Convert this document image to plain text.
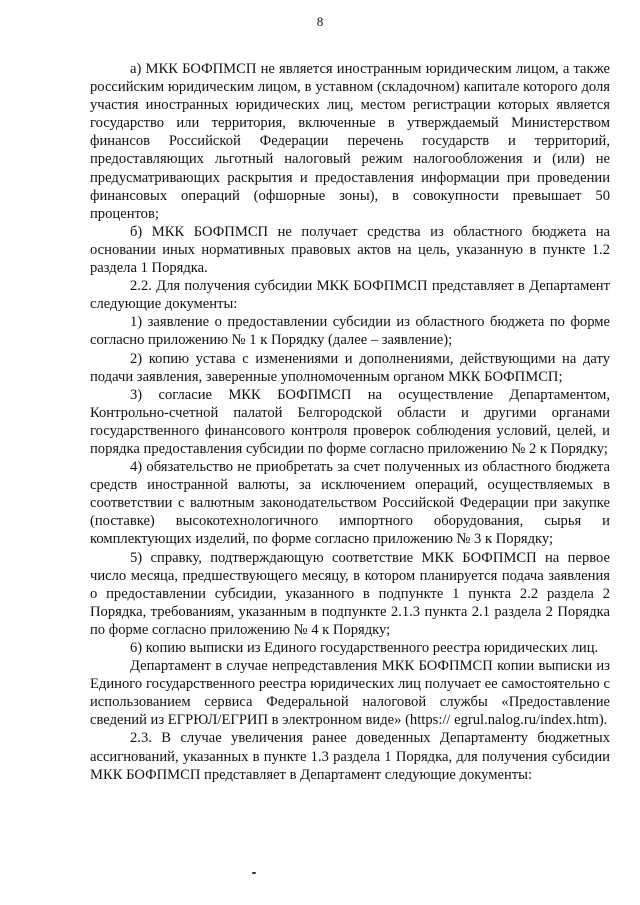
8

а) МКК БОФПМСП не является иностранным юридическим лицом, а также российским юридическим лицом, в уставном (складочном) капитале которого доля участия иностранных юридических лиц, местом регистрации которых является государство или территория, включенные в утверждаемый Министерством финансов Российской Федерации перечень государств и территорий, предоставляющих льготный налоговый режим налогообложения и (или) не предусматривающих раскрытия и предоставления информации при проведении финансовых операций (офшорные зоны), в совокупности превышает 50 процентов;

б) МКК БОФПМСП не получает средства из областного бюджета на основании иных нормативных правовых актов на цель, указанную в пункте 1.2 раздела 1 Порядка.

2.2. Для получения субсидии МКК БОФПМСП представляет в Департамент следующие документы:

1) заявление о предоставлении субсидии из областного бюджета по форме согласно приложению № 1 к Порядку (далее – заявление);

2) копию устава с изменениями и дополнениями, действующими на дату подачи заявления, заверенные уполномоченным органом МКК БОФПМСП;

3) согласие МКК БОФПМСП на осуществление Департаментом, Контрольно-счетной палатой Белгородской области и другими органами государственного финансового контроля проверок соблюдения условий, целей, и порядка предоставления субсидии по форме согласно приложению № 2 к Порядку;

4) обязательство не приобретать за счет полученных из областного бюджета средств иностранной валюты, за исключением операций, осуществляемых в соответствии с валютным законодательством Российской Федерации при закупке (поставке) высокотехнологичного импортного оборудования, сырья и комплектующих изделий, по форме согласно приложению № 3 к Порядку;

5) справку, подтверждающую соответствие МКК БОФПМСП на первое число месяца, предшествующего месяцу, в котором планируется подача заявления о предоставлении субсидии, указанного в подпункте 1 пункта 2.2 раздела 2 Порядка, требованиям, указанным в подпункте 2.1.3 пункта 2.1 раздела 2 Порядка по форме согласно приложению № 4 к Порядку;

6) копию выписки из Единого государственного реестра юридических лиц.

Департамент в случае непредставления МКК БОФПМСП копии выписки из Единого государственного реестра юридических лиц получает ее самостоятельно с использованием сервиса Федеральной налоговой службы «Предоставление сведений из ЕГРЮЛ/ЕГРИП в электронном виде» (https:// egrul.nalog.ru/index.htm).

2.3. В случае увеличения ранее доведенных Департаменту бюджетных ассигнований, указанных в пункте 1.3 раздела 1 Порядка, для получения субсидии МКК БОФПМСП представляет в Департамент следующие документы:
